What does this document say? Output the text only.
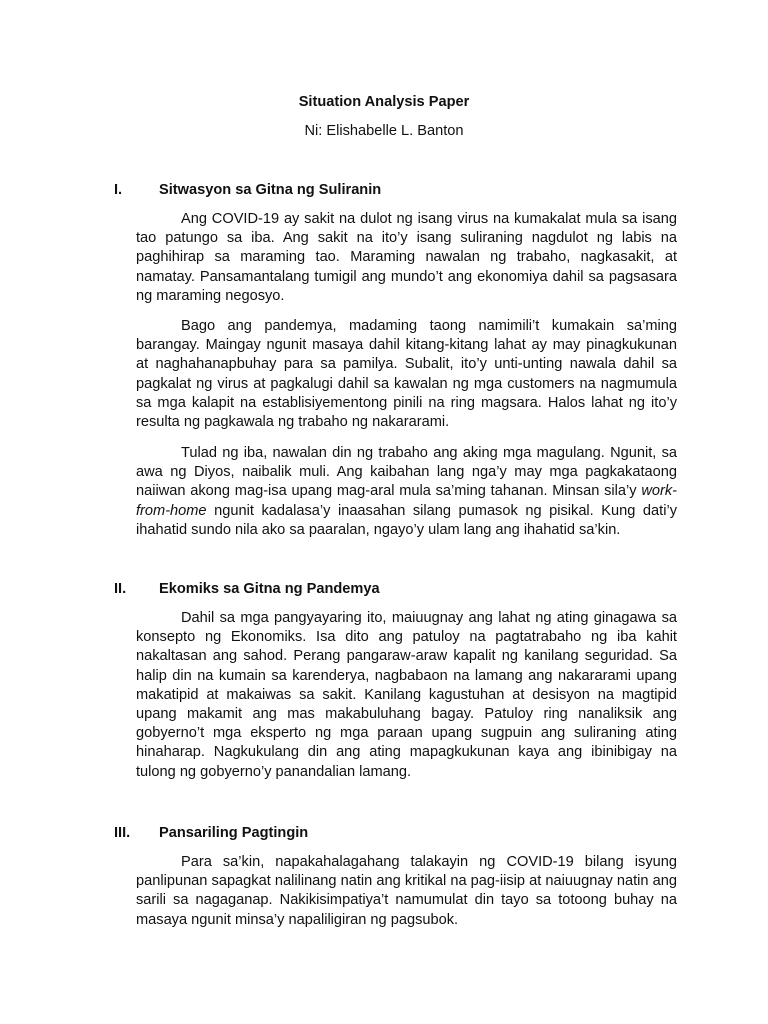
Situation Analysis Paper
Ni: Elishabelle L. Banton
I.	Sitwasyon sa Gitna ng Suliranin

Ang COVID-19 ay sakit na dulot ng isang virus na kumakalat mula sa isang tao patungo sa iba. Ang sakit na ito’y isang suliraning nagdulot ng labis na paghihirap sa maraming tao. Maraming nawalan ng trabaho, nagkasakit, at namatay. Pansamantalang tumigil ang mundo’t ang ekonomiya dahil sa pagsasara ng maraming negosyo.

Bago ang pandemya, madaming taong namimili’t kumakain sa’ming barangay. Maingay ngunit masaya dahil kitang-kitang lahat ay may pinagkukunan at naghahanapbuhay para sa pamilya. Subalit, ito’y unti-unting nawala dahil sa pagkalat ng virus at pagkalugi dahil sa kawalan ng mga customers na nagmumula sa mga kalapit na establisiyementong pinili na ring magsara. Halos lahat ng ito’y resulta ng pagkawala ng trabaho ng nakararami.

Tulad ng iba, nawalan din ng trabaho ang aking mga magulang. Ngunit, sa awa ng Diyos, naibalik muli. Ang kaibahan lang nga’y may mga pagkakataong naiiwan akong mag-isa upang mag-aral mula sa’ming tahanan. Minsan sila’y work-from-home ngunit kadalasa’y inaasahan silang pumasok ng pisikal. Kung dati’y ihahatid sundo nila ako sa paaralan, ngayo’y ulam lang ang ihahatid sa’kin.

II. Ekomiks sa Gitna ng Pandemya

Dahil sa mga pangyayaring ito, maiuugnay ang lahat ng ating ginagawa sa konsepto ng Ekonomiks. Isa dito ang patuloy na pagtatrabaho ng iba kahit nakaltasan ang sahod. Perang pangaraw-araw kapalit ng kanilang seguridad. Sa halip din na kumain sa karenderya, nagbabaon na lamang ang nakararami upang makatipid at makaiwas sa sakit. Kanilang kagustuhan at desisyon na magtipid upang makamit ang mas makabuluhang bagay. Patuloy ring nanaliksik ang gobyerno’t mga eksperto ng mga paraan upang sugpuin ang suliraning ating hinaharap. Nagkukulang din ang ating mapagkukunan kaya ang ibinibigay na tulong ng gobyerno’y panandalian lamang.

III. Pansariling Pagtingin

Para sa’kin, napakahalagahang talakayin ng COVID-19 bilang isyung panlipunan sapagkat nalilinang natin ang kritikal na pag-iisip at naiuugnay natin ang sarili sa nagaganap. Nakikisimpatiya’t namumulat din tayo sa totoong buhay na masaya ngunit minsa’y napaliligiran ng pagsubok.
